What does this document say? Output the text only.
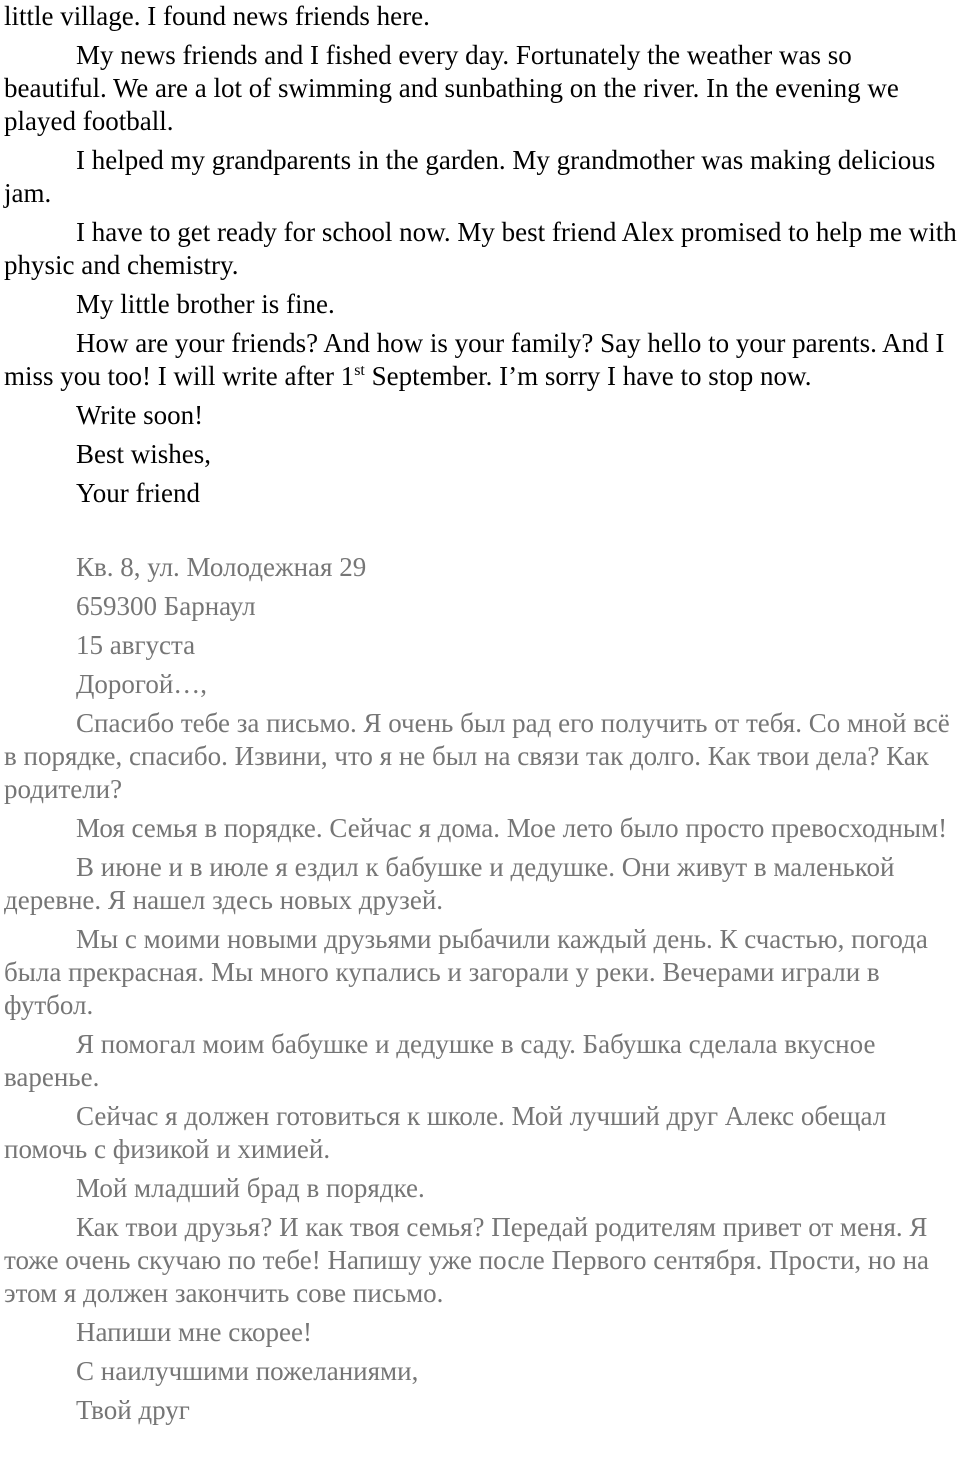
little village. I found news friends here.

My news friends and I fished every day. Fortunately the weather was so beautiful. We are a lot of swimming and sunbathing on the river. In the evening we played football.

I helped my grandparents in the garden. My grandmother was making delicious jam.

I have to get ready for school now. My best friend Alex promised to help me with physic and chemistry.

My little brother is fine.

How are your friends? And how is your family? Say hello to your parents. And I miss you too! I will write after 1st September. I’m sorry I have to stop now.

Write soon!

Best wishes,

Your friend

Кв. 8, ул. Молодежная 29

659300 Барнаул

15 августа

Дорогой…,

Спасибо тебе за письмо. Я очень был рад его получить от тебя. Со мной всё в порядке, спасибо. Извини, что я не был на связи так долго. Как твои дела? Как родители?

Моя семья в порядке. Сейчас я дома. Мое лето было просто превосходным!

В июне и в июле я ездил к бабушке и дедушке. Они живут в маленькой деревне. Я нашел здесь новых друзей.

Мы с моими новыми друзьями рыбачили каждый день. К счастью, погода была прекрасная. Мы много купались и загорали у реки. Вечерами играли в футбол.

Я помогал моим бабушке и дедушке в саду. Бабушка сделала вкусное варенье.

Сейчас я должен готовиться к школе. Мой лучший друг Алекс обещал помочь с физикой и химией.

Мой младший брад в порядке.

Как твои друзья? И как твоя семья? Передай родителям привет от меня. Я тоже очень скучаю по тебе! Напишу уже после Первого сентября. Прости, но на этом я должен закончить сове письмо.

Напиши мне скорее!

С наилучшими пожеланиями,

Твой друг
